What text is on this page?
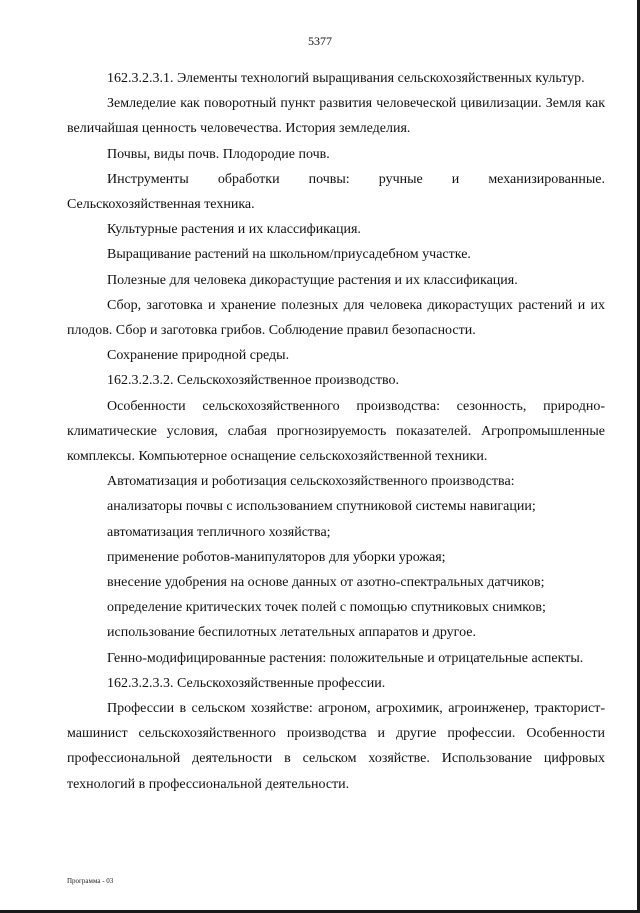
5377

162.3.2.3.1. Элементы технологий выращивания сельскохозяйственных культур.

Земледелие как поворотный пункт развития человеческой цивилизации. Земля как величайшая ценность человечества. История земледелия.

Почвы, виды почв. Плодородие почв.

Инструменты обработки почвы: ручные и механизированные. Сельскохозяйственная техника.

Культурные растения и их классификация.

Выращивание растений на школьном/приусадебном участке.

Полезные для человека дикорастущие растения и их классификация.

Сбор, заготовка и хранение полезных для человека дикорастущих растений и их плодов. Сбор и заготовка грибов. Соблюдение правил безопасности.

Сохранение природной среды.

162.3.2.3.2. Сельскохозяйственное производство.

Особенности сельскохозяйственного производства: сезонность, природно-климатические условия, слабая прогнозируемость показателей. Агропромышленные комплексы. Компьютерное оснащение сельскохозяйственной техники.

Автоматизация и роботизация сельскохозяйственного производства:

анализаторы почвы с использованием спутниковой системы навигации;

автоматизация тепличного хозяйства;

применение роботов-манипуляторов для уборки урожая;

внесение удобрения на основе данных от азотно-спектральных датчиков;

определение критических точек полей с помощью спутниковых снимков;

использование беспилотных летательных аппаратов и другое.

Генно-модифицированные растения: положительные и отрицательные аспекты.

162.3.2.3.3. Сельскохозяйственные профессии.

Профессии в сельском хозяйстве: агроном, агрохимик, агроинженер, тракторист-машинист сельскохозяйственного производства и другие профессии. Особенности профессиональной деятельности в сельском хозяйстве. Использование цифровых технологий в профессиональной деятельности.

Программа - 03
